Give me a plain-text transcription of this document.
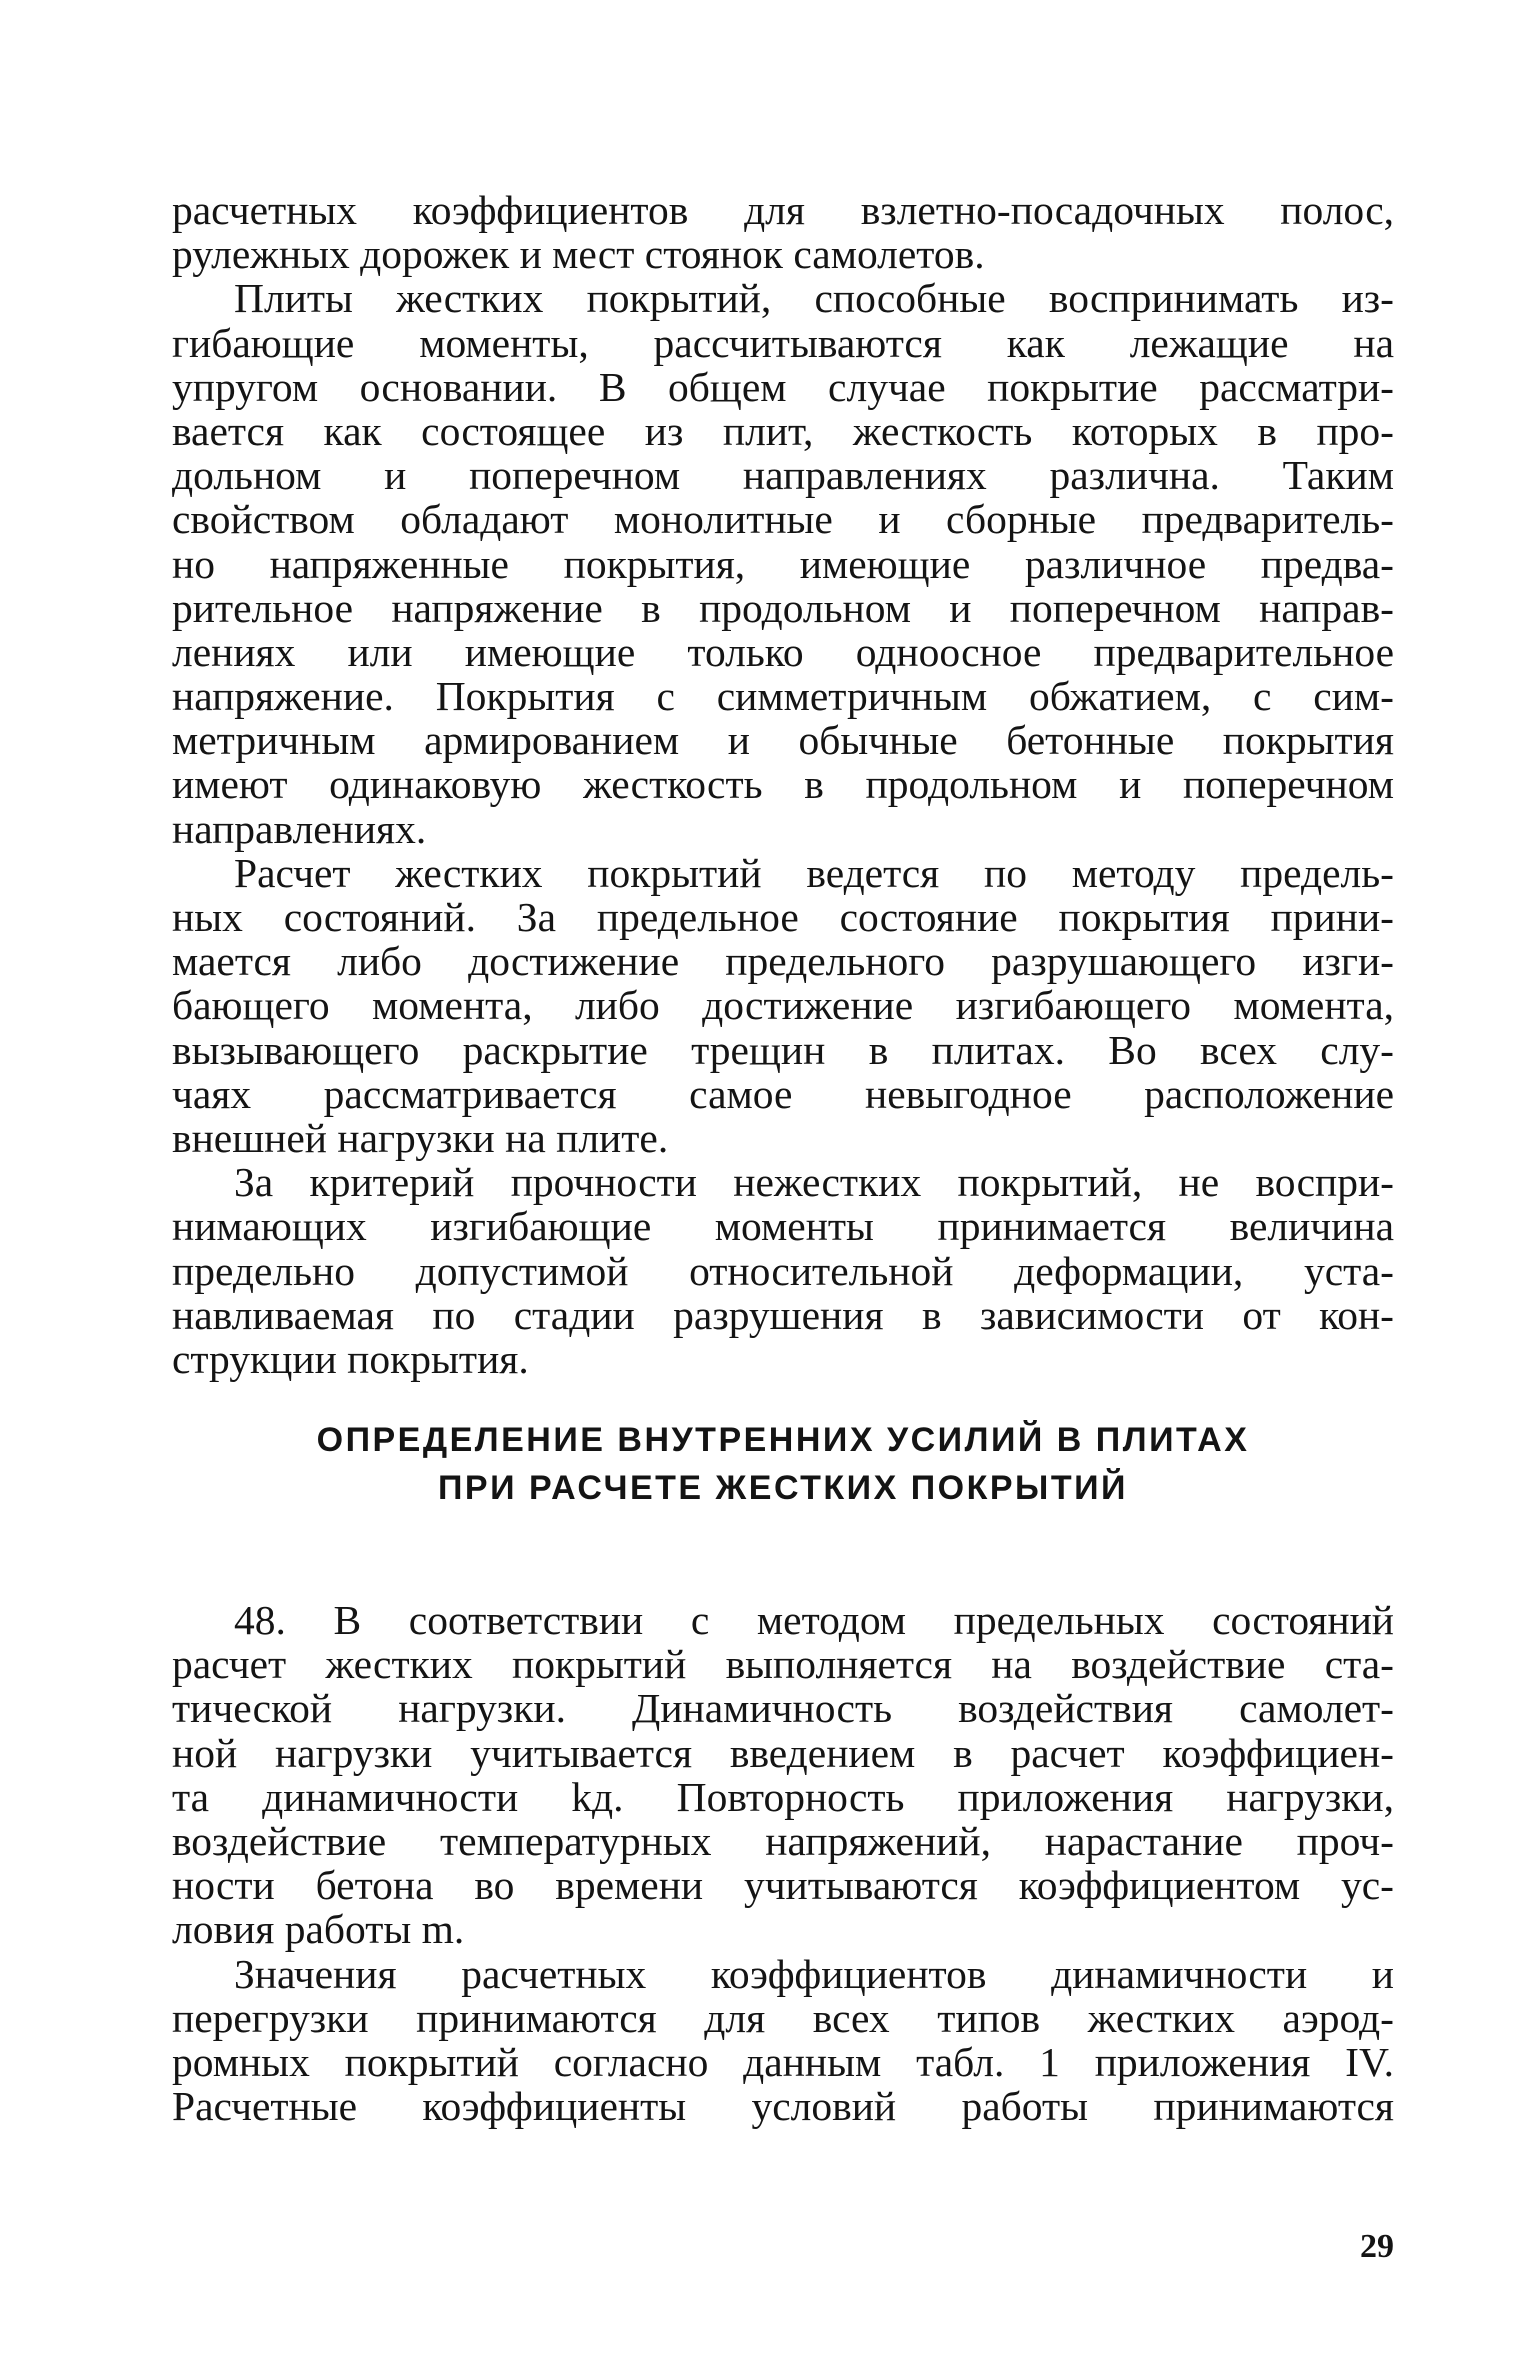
расчетных коэффициентов для взлетно-посадочных полос,
рулежных дорожек и мест стоянок самолетов.
Плиты жестких покрытий, способные воспринимать из-
гибающие моменты, рассчитываются как лежащие на
упругом основании. В общем случае покрытие рассматри-
вается как состоящее из плит, жесткость которых в про-
дольном и поперечном направлениях различна. Таким
свойством обладают монолитные и сборные предваритель-
но напряженные покрытия, имеющие различное предва-
рительное напряжение в продольном и поперечном направ-
лениях или имеющие только одноосное предварительное
напряжение. Покрытия с симметричным обжатием, с сим-
метричным армированием и обычные бетонные покрытия
имеют одинаковую жесткость в продольном и поперечном
направлениях.
Расчет жестких покрытий ведется по методу предель-
ных состояний. За предельное состояние покрытия прини-
мается либо достижение предельного разрушающего изги-
бающего момента, либо достижение изгибающего момента,
вызывающего раскрытие трещин в плитах. Во всех слу-
чаях рассматривается самое невыгодное расположение
внешней нагрузки на плите.
За критерий прочности нежестких покрытий, не воспри-
нимающих изгибающие моменты принимается величина
предельно допустимой относительной деформации, уста-
навливаемая по стадии разрушения в зависимости от кон-
струкции покрытия.
ОПРЕДЕЛЕНИЕ ВНУТРЕННИХ УСИЛИЙ В ПЛИТАХ
ПРИ РАСЧЕТЕ ЖЕСТКИХ ПОКРЫТИЙ
48. В соответствии с методом предельных состояний
расчет жестких покрытий выполняется на воздействие ста-
тической нагрузки. Динамичность воздействия самолет-
ной нагрузки учитывается введением в расчет коэффициен-
та динамичности kд. Повторность приложения нагрузки,
воздействие температурных напряжений, нарастание проч-
ности бетона во времени учитываются коэффициентом ус-
ловия работы m.
Значения расчетных коэффициентов динамичности и
перегрузки принимаются для всех типов жестких аэрод-
ромных покрытий согласно данным табл. 1 приложения IV.
Расчетные коэффициенты условий работы принимаются
29
